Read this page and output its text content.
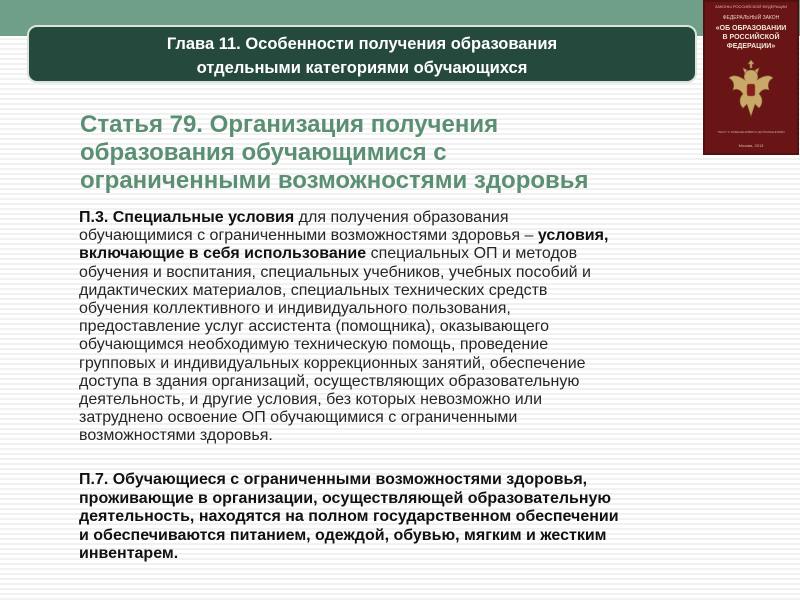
Глава 11. Особенности получения образования
отдельными категориями обучающихся
ЗАКОНЫ РОССИЙСКОЙ ФЕДЕРАЦИИ
ФЕДЕРАЛЬНЫЙ ЗАКОН
«ОБ ОБРАЗОВАНИИ
В РОССИЙСКОЙ
ФЕДЕРАЦИИ»
ТЕКСТ С ИЗМЕНЕНИЯМИ И ДОПОЛНЕНИЯМИ
Москва, 2013
Статья 79. Организация получения
образования обучающимися с
ограниченными возможностями здоровья
П.3. Специальные условия для получения образования
обучающимися с ограниченными возможностями здоровья – условия,
включающие в себя использование специальных ОП и методов
обучения и воспитания, специальных учебников, учебных пособий и
дидактических материалов, специальных технических средств
обучения коллективного и индивидуального пользования,
предоставление услуг ассистента (помощника), оказывающего
обучающимся необходимую техническую помощь, проведение
групповых и индивидуальных коррекционных занятий, обеспечение
доступа в здания организаций, осуществляющих образовательную
деятельность, и другие условия, без которых невозможно или
затруднено освоение ОП обучающимися с ограниченными
возможностями здоровья.
П.7. Обучающиеся с ограниченными возможностями здоровья,
проживающие в организации, осуществляющей образовательную
деятельность, находятся на полном государственном обеспечении
и обеспечиваются питанием, одеждой, обувью, мягким и жестким
инвентарем.
